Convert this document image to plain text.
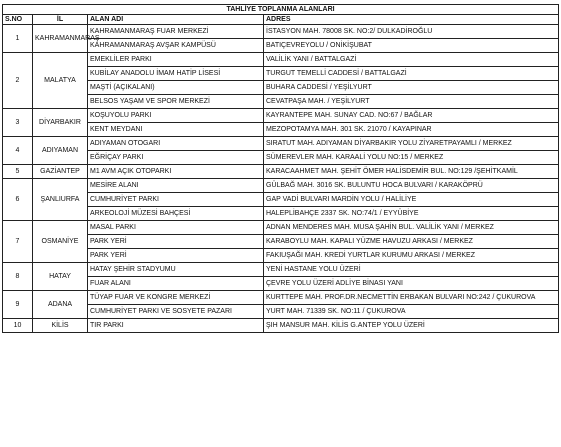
TAHLİYE TOPLANMA ALANLARI			
S.NO	İL	ALAN ADI	ADRES
1	KAHRAMANMARAŞ	KAHRAMANMARAŞ FUAR MERKEZİ	İSTASYON MAH. 78008 SK. NO:2/ DULKADİROĞLU
		KAHRAMANMARAŞ AVŞAR KAMPÜSÜ	BATIÇEVREYOLU / ONİKİŞUBAT
2	MALATYA	EMEKLİLER PARKI	VALİLİK YANI / BATTALGAZİ
		KUBİLAY ANADOLU İMAM HATİP LİSESİ	TURGUT TEMELLİ CADDESİ / BATTALGAZİ
		MAŞTİ (AÇIKALANI)	BUHARA CADDESİ / YEŞİLYURT
		BELSOS YAŞAM VE SPOR MERKEZİ	CEVATPAŞA MAH. / YEŞİLYURT
3	DİYARBAKIR	KOŞUYOLU PARKI	KAYRANTEPE MAH. SUNAY CAD. NO:67 / BAĞLAR
		KENT MEYDANI	MEZOPOTAMYA MAH. 301 SK. 21070 / KAYAPINAR
4	ADIYAMAN	ADIYAMAN OTOGARI	SIRATUT MAH. ADIYAMAN DİYARBAKIR YOLU ZİYARETPAYAMLI / MERKEZ
		EĞRİÇAY PARKI	SÜMEREVLER MAH. KARAALİ YOLU NO:15 / MERKEZ
5	GAZİANTEP	M1 AVM AÇIK OTOPARKI	KARACAAHMET MAH. ŞEHİT ÖMER HALİSDEMİR BUL. NO:129 /ŞEHİTKAMİL
6	ŞANLIURFA	MESİRE ALANI	GÜLBAĞ MAH. 3016 SK. BULUNTU HOCA BULVARI / KARAKÖPRÜ
		CUMHURİYET PARKI	GAP VADİ BULVARI MARDİN YOLU / HALİLİYE
		ARKEOLOJİ MÜZESİ BAHÇESİ	HALEPLİBAHÇE 2337 SK. NO:74/1 / EYYÜBİYE
7	OSMANİYE	MASAL PARKI	ADNAN MENDERES MAH. MUSA ŞAHİN BUL. VALİLİK YANI / MERKEZ
		PARK YERİ	KARABOYLU MAH. KAPALI YÜZME HAVUZU ARKASI / MERKEZ
		PARK YERİ	FAKIUŞAĞI MAH. KREDİ YURTLAR KURUMU ARKASI / MERKEZ
8	HATAY	HATAY ŞEHİR STADYUMU	YENİ HASTANE YOLU ÜZERİ
		FUAR ALANI	ÇEVRE YOLU ÜZERİ ADLİYE BİNASI YANI
9	ADANA	TÜYAP FUAR VE KONGRE MERKEZİ	KURTTEPE MAH. PROF.DR.NECMETTİN ERBAKAN BULVARI NO:242 / ÇUKUROVA
		CUMHURİYET PARKI VE SOSYETE PAZARI	YURT MAH. 71339 SK. NO:11 / ÇUKUROVA
10	KİLİS	TIR PARKI	ŞIH MANSUR MAH. KİLİS G.ANTEP YOLU ÜZERİ
